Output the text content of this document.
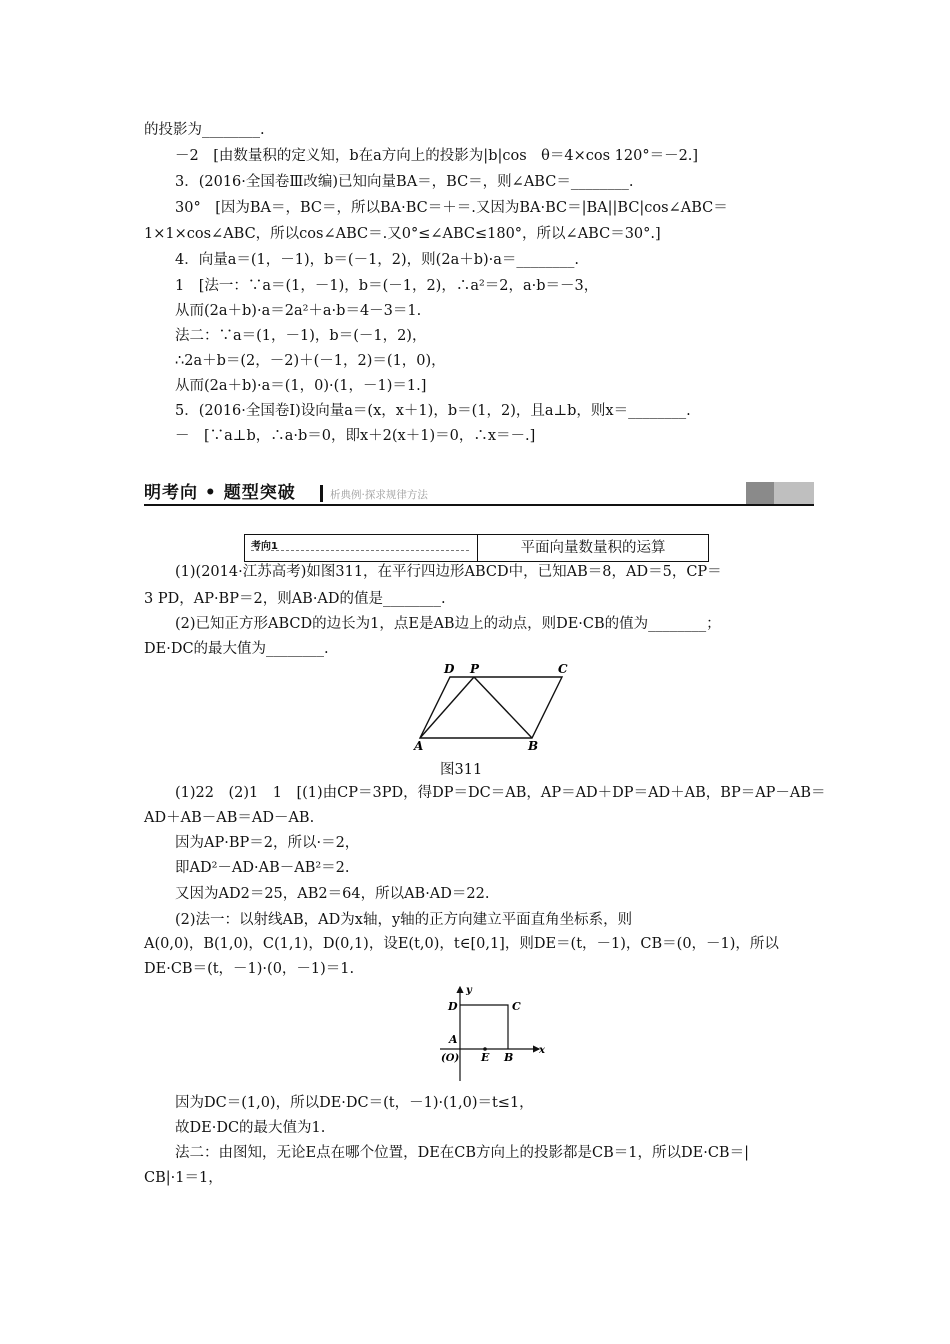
的投影为________.
－2　[由数量积的定义知，b在a方向上的投影为|b|cos　θ＝4×cos 120°＝－2.]
3．(2016·全国卷Ⅲ改编)已知向量BA＝，BC＝，则∠ABC＝________.
30°　[因为BA＝，BC＝，所以BA·BC＝＋＝.又因为BA·BC＝|BA||BC|cos∠ABC＝
1×1×cos∠ABC，所以cos∠ABC＝.又0°≤∠ABC≤180°，所以∠ABC＝30°.]
4．向量a＝(1，－1)，b＝(－1，2)，则(2a＋b)·a＝________.
1　[法一：∵a＝(1，－1)，b＝(－1，2)，∴a²＝2，a·b＝－3，
从而(2a＋b)·a＝2a²＋a·b＝4－3＝1.
法二：∵a＝(1，－1)，b＝(－1，2)，
∴2a＋b＝(2，－2)＋(－1，2)＝(1，0)，
从而(2a＋b)·a＝(1，0)·(1，－1)＝1.]
5．(2016·全国卷Ⅰ)设向量a＝(x，x＋1)，b＝(1，2)，且a⊥b，则x＝________.
－　[∵a⊥b，∴a·b＝0，即x＋2(x＋1)＝0，∴x＝－.]
明考向 • 题型突破	析典例·探求规律方法
考向1	平面向量数量积的运算
(1)(2014·江苏高考)如图311，在平行四边形ABCD中，已知AB＝8，AD＝5，CP＝
3 PD，AP·BP＝2，则AB·AD的值是________.
(2)已知正方形ABCD的边长为1，点E是AB边上的动点，则DE·CB的值为________；
DE·DC的最大值为________.
D P	C
A	B
图311
(1)22　(2)1　1　[(1)由CP＝3PD，得DP＝DC＝AB，AP＝AD＋DP＝AD＋AB，BP＝AP－AB＝
AD＋AB－AB＝AD－AB.
因为AP·BP＝2，所以·＝2，
即AD²－AD·AB－AB²＝2.
又因为AD2＝25，AB2＝64，所以AB·AD＝22.
(2)法一：以射线AB，AD为x轴，y轴的正方向建立平面直角坐标系，则
A(0,0)，B(1,0)，C(1,1)，D(0,1)，设E(t,0)，t∈[0,1]，则DE＝(t，－1)，CB＝(0，－1)，所以
DE·CB＝(t，－1)·(0，－1)＝1.
y
x
D	C
A
(O) E B
因为DC＝(1,0)，所以DE·DC＝(t，－1)·(1,0)＝t≤1，
故DE·DC的最大值为1.
法二：由图知，无论E点在哪个位置，DE在CB方向上的投影都是CB＝1，所以DE·CB＝|
CB|·1＝1，
